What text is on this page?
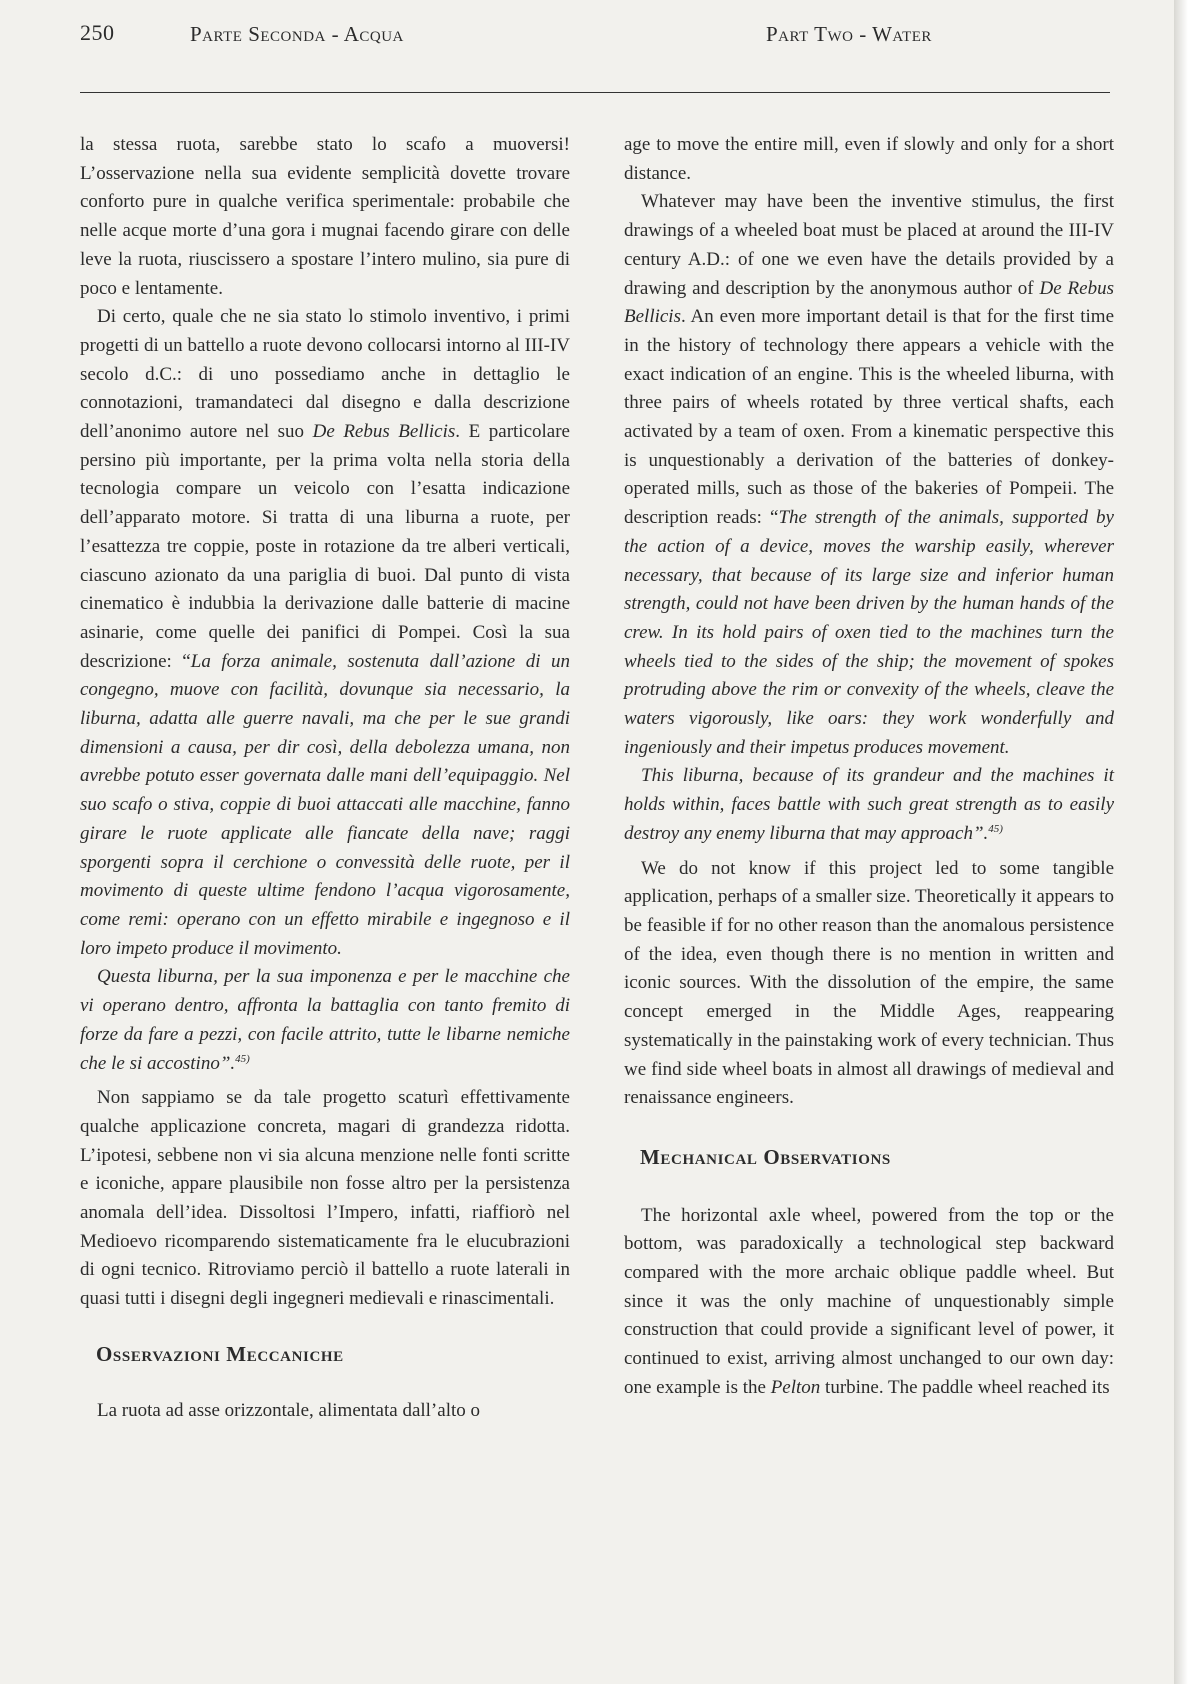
250	Parte Seconda - Acqua	Part Two - Water

la stessa ruota, sarebbe stato lo scafo a muoversi! L’osservazione nella sua evidente semplicità dovette trovare conforto pure in qualche verifica sperimentale: probabile che nelle acque morte d’una gora i mugnai facendo girare con delle leve la ruota, riuscissero a spostare l’intero mulino, sia pure di poco e lentamente.

Di certo, quale che ne sia stato lo stimolo inventivo, i primi progetti di un battello a ruote devono collocarsi intorno al III-IV secolo d.C.: di uno possediamo anche in dettaglio le connotazioni, tramandateci dal disegno e dalla descrizione dell’anonimo autore nel suo De Rebus Bellicis. E particolare persino più importante, per la prima volta nella storia della tecnologia compare un veicolo con l’esatta indicazione dell’apparato motore. Si tratta di una liburna a ruote, per l’esattezza tre coppie, poste in rotazione da tre alberi verticali, ciascuno azionato da una pariglia di buoi. Dal punto di vista cinematico è indubbia la derivazione dalle batterie di macine asinarie, come quelle dei panifici di Pompei. Così la sua descrizione: “La forza animale, sostenuta dall’azione di un congegno, muove con facilità, dovunque sia necessario, la liburna, adatta alle guerre navali, ma che per le sue grandi dimensioni a causa, per dir così, della debolezza umana, non avrebbe potuto esser governata dalle mani dell’equipaggio. Nel suo scafo o stiva, coppie di buoi attaccati alle macchine, fanno girare le ruote applicate alle fiancate della nave; raggi sporgenti sopra il cerchione o convessità delle ruote, per il movimento di queste ultime fendono l’acqua vigorosamente, come remi: operano con un effetto mirabile e ingegnoso e il loro impeto produce il movimento.

Questa liburna, per la sua imponenza e per le macchine che vi operano dentro, affronta la battaglia con tanto fremito di forze da fare a pezzi, con facile attrito, tutte le libarne nemiche che le si accostino”.$^{45)}$

Non sappiamo se da tale progetto scaturì effettivamente qualche applicazione concreta, magari di grandezza ridotta. L’ipotesi, sebbene non vi sia alcuna menzione nelle fonti scritte e iconiche, appare plausibile non fosse altro per la persistenza anomala dell’idea. Dissoltosi l’Impero, infatti, riaffiorò nel Medioevo ricomparendo sistematicamente fra le elucubrazioni di ogni tecnico. Ritroviamo perciò il battello a ruote laterali in quasi tutti i disegni degli ingegneri medievali e rinascimentali.

Osservazioni Meccaniche

La ruota ad asse orizzontale, alimentata dall’alto o

age to move the entire mill, even if slowly and only for a short distance.

Whatever may have been the inventive stimulus, the first drawings of a wheeled boat must be placed at around the III-IV century A.D.: of one we even have the details provided by a drawing and description by the anonymous author of De Rebus Bellicis. An even more important detail is that for the first time in the history of technology there appears a vehicle with the exact indication of an engine. This is the wheeled liburna, with three pairs of wheels rotated by three vertical shafts, each activated by a team of oxen. From a kinematic perspective this is unquestionably a derivation of the batteries of donkey-operated mills, such as those of the bakeries of Pompeii. The description reads: “The strength of the animals, supported by the action of a device, moves the warship easily, wherever necessary, that because of its large size and inferior human strength, could not have been driven by the human hands of the crew. In its hold pairs of oxen tied to the machines turn the wheels tied to the sides of the ship; the movement of spokes protruding above the rim or convexity of the wheels, cleave the waters vigorously, like oars: they work wonderfully and ingeniously and their impetus produces movement.

This liburna, because of its grandeur and the machines it holds within, faces battle with such great strength as to easily destroy any enemy liburna that may approach”.$^{45)}$

We do not know if this project led to some tangible application, perhaps of a smaller size. Theoretically it appears to be feasible if for no other reason than the anomalous persistence of the idea, even though there is no mention in written and iconic sources. With the dissolution of the empire, the same concept emerged in the Middle Ages, reappearing systematically in the painstaking work of every technician. Thus we find side wheel boats in almost all drawings of medieval and renaissance engineers.

Mechanical Observations

The horizontal axle wheel, powered from the top or the bottom, was paradoxically a technological step backward compared with the more archaic oblique paddle wheel. But since it was the only machine of unquestionably simple construction that could provide a significant level of power, it continued to exist, arriving almost unchanged to our own day: one example is the Pelton turbine. The paddle wheel reached its
